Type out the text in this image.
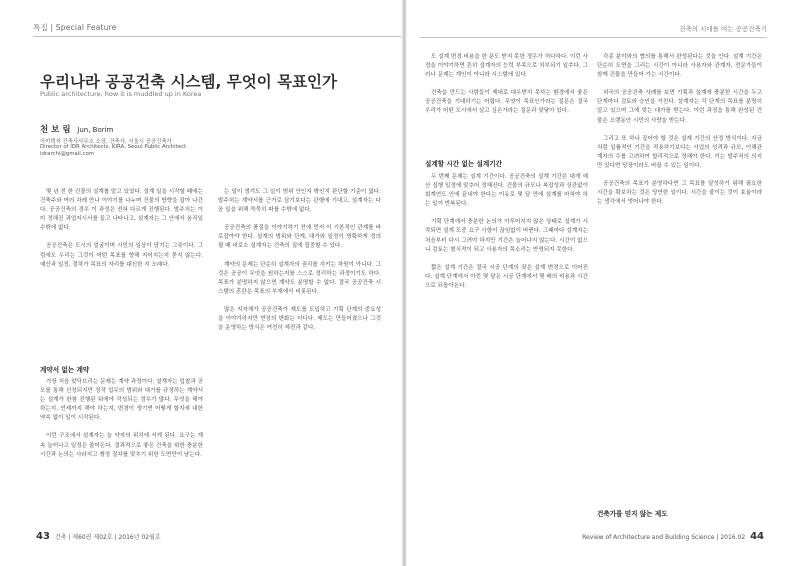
특집 | Special Feature	건축의 시대를 여는 공공건축기
우리나라 공공건축 시스템, 무엇이 목표인가
Public architecture, how it is muddled up in Korea
천 보 림 Jun, Borim
아키텍처 건축사사무소 소장, 건축사, 서울시 공공건축가
Director of IDR Architects, KIRA, Seoul Public Architect
idrarchi@gmail.com

몇 년 전 한 건물의 설계를 맡고 있었다. 설계 일을 시작할 때에는 건축주와 여러 차례 만나 이야기를 나누며 건물의 방향을 잡아 나간다. 공공건축의 경우 이 과정은 전혀 다르게 진행된다. 발주처는 이미 정해진 과업지시서를 들고 나타나고, 설계자는 그 안에서 움직일 수밖에 없다.

공공건축은 도시의 얼굴이며 시민의 일상이 담기는 그릇이다. 그럼에도 우리는 그것이 어떤 목표를 향해 지어지는지 묻지 않는다. 예산과 일정, 절차가 목표의 자리를 대신한 지 오래다.

계약서 없는 계약

가장 처음 맞닥뜨리는 문제는 계약 과정이다. 설계자는 입찰과 공모를 통해 선정되지만 정작 업무의 범위와 대가를 규정하는 계약서는 설계가 한참 진행된 뒤에야 작성되는 경우가 많다. 무엇을 해야 하는지, 언제까지 해야 하는지, 변경이 생기면 어떻게 할지에 대한 약속 없이 일이 시작된다.

이런 구조에서 설계자는 늘 약자의 위치에 서게 된다. 요구는 계속 늘어나고 일정은 줄어든다. 결과적으로 좋은 건축을 위한 충분한 시간과 논의는 사라지고 행정 절차를 맞추기 위한 도면만이 남는다.

는 일이 생겨도 그 일이 범위 안인지 밖인지 판단할 기준이 없다. 발주처는 계약서를 근거로 삼기보다는 관행에 기대고, 설계자는 다음 일을 위해 묵묵히 따를 수밖에 없다.

공공건축의 품질을 이야기하기 전에 먼저 이 기본적인 관계를 바로잡아야 한다. 설계의 범위와 단계, 대가와 일정이 명확하게 정의될 때 비로소 설계자는 건축의 질에 집중할 수 있다.

계약의 문제는 단순히 설계자의 권리를 지키는 차원이 아니다. 그것은 공공이 무엇을 원하는지를 스스로 정리하는 과정이기도 하다. 목표가 분명하지 않으면 계약도 분명할 수 없다. 결국 공공건축 시스템의 혼란은 목표의 부재에서 비롯된다.

많은 지자체가 공공건축가 제도를 도입하고 기획 단계의 중요성을 이야기하지만 현장의 변화는 더디다. 제도는 만들어졌으나 그것을 운영하는 방식은 여전히 예전과 같다.

도 설계 변경 비용을 한 푼도 받지 못한 경우가 허다하다. 이런 사정을 이야기하면 흔히 설계자의 능력 부족으로 치부되기 일쑤다. 그러나 문제는 개인이 아니라 시스템에 있다.

건축을 만드는 사람들이 제대로 대우받지 못하는 환경에서 좋은 공공건축을 기대하기는 어렵다. 무엇이 목표인가라는 질문은 결국 우리가 어떤 도시에서 살고 싶은가라는 질문과 맞닿아 있다.

설계할 시간 없는 설계기간

두 번째 문제는 설계 기간이다. 공공건축의 설계 기간은 대개 예산 집행 일정에 맞추어 정해진다. 건물의 규모나 복잡성과 상관없이 회계연도 안에 끝내야 한다는 이유로 몇 달 만에 설계를 마쳐야 하는 일이 반복된다.

기획 단계에서 충분한 논의가 이루어지지 않은 상태로 설계가 시작되면 설계 도중 요구 사항이 끊임없이 바뀐다. 그때마다 설계자는 처음부터 다시 그려야 하지만 기간은 늘어나지 않는다. 시간이 없으니 검토는 형식적이 되고 사용자의 목소리는 반영되지 못한다.

짧은 설계 기간은 결국 시공 단계의 잦은 설계 변경으로 이어진다. 설계 단계에서 아낀 몇 달은 시공 단계에서 몇 배의 비용과 시간으로 되돌아온다.

각종 분야와의 협의를 통해서 완성된다는 것을 안다. 설계 기간은 단순히 도면을 그리는 시간이 아니라 사용자와 관계자, 전문가들이 함께 건물을 만들어 가는 시간이다.

외국의 공공건축 사례를 보면 기획과 설계에 충분한 시간을 두고 단계마다 검토와 승인을 거친다. 설계자는 각 단계의 목표를 분명히 알고 있으며 그에 맞는 대가를 받는다. 이런 과정을 통해 완성된 건물은 오랫동안 시민의 사랑을 받는다.

그리고 또 하나 짚어야 할 것은 설계 기간의 산정 방식이다. 지금처럼 일률적인 기간을 적용하기보다는 사업의 성격과 규모, 이해관계자의 수를 고려하여 합리적으로 정해야 한다. 이는 발주처의 의지만 있다면 당장이라도 바꿀 수 있는 일이다.

공공건축의 목표가 분명하다면 그 목표를 달성하기 위해 필요한 시간을 확보하는 것은 당연한 일이다. 시간을 줄이는 것이 효율이라는 생각에서 벗어나야 한다.

건축가를 믿지 않는 제도
43 건축 | 제60권 제02호 | 2016년 02월호	Review of Architecture and Building Science | 2016.02 44
